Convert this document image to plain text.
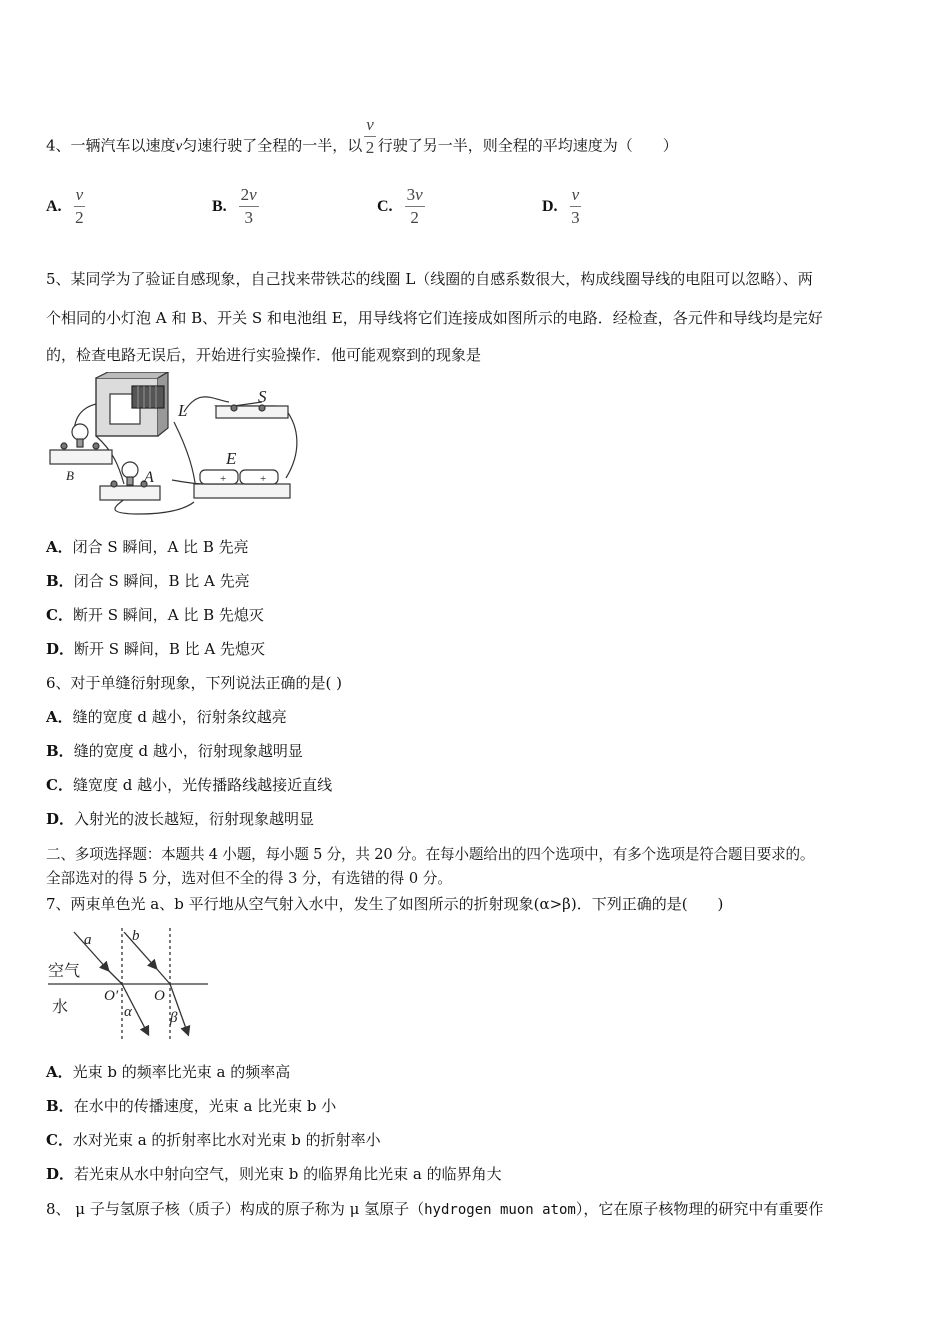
4、一辆汽车以速度v匀速行驶了全程的一半，以 $\frac{v}{2}$ 行驶了另一半，则全程的平均速度为（　　）
A. $\frac{v}{2}$	B. $\frac{2v}{3}$	C. $\frac{3v}{2}$	D. $\frac{v}{3}$
5、某同学为了验证自感现象，自己找来带铁芯的线圈 L（线圈的自感系数很大，构成线圈导线的电阻可以忽略）、两
个相同的小灯泡 A 和 B、开关 S 和电池组 E，用导线将它们连接成如图所示的电路．经检查，各元件和导线均是完好
的，检查电路无误后，开始进行实验操作．他可能观察到的现象是
L
S
E
A
B	+	+
A．闭合 S 瞬间，A 比 B 先亮
B．闭合 S 瞬间，B 比 A 先亮
C．断开 S 瞬间，A 比 B 先熄灭
D．断开 S 瞬间，B 比 A 先熄灭
6、对于单缝衍射现象，下列说法正确的是( )
A．缝的宽度 d 越小，衍射条纹越亮
B．缝的宽度 d 越小，衍射现象越明显
C．缝宽度 d 越小，光传播路线越接近直线
D．入射光的波长越短，衍射现象越明显
二、多项选择题：本题共 4 小题，每小题 5 分，共 20 分。在每小题给出的四个选项中，有多个选项是符合题目要求的。
全部选对的得 5 分，选对但不全的得 3 分，有选错的得 0 分。
7、两束单色光 a、b 平行地从空气射入水中，发生了如图所示的折射现象(α>β)．下列正确的是(　　)
a	b
空气
水
O′ O
α	β
A．光束 b 的频率比光束 a 的频率高
B．在水中的传播速度，光束 a 比光束 b 小
C．水对光束 a 的折射率比水对光束 b 的折射率小
D．若光束从水中射向空气，则光束 b 的临界角比光束 a 的临界角大
8、 μ 子与氢原子核（质子）构成的原子称为 μ 氢原子（hydrogen muon atom），它在原子核物理的研究中有重要作
